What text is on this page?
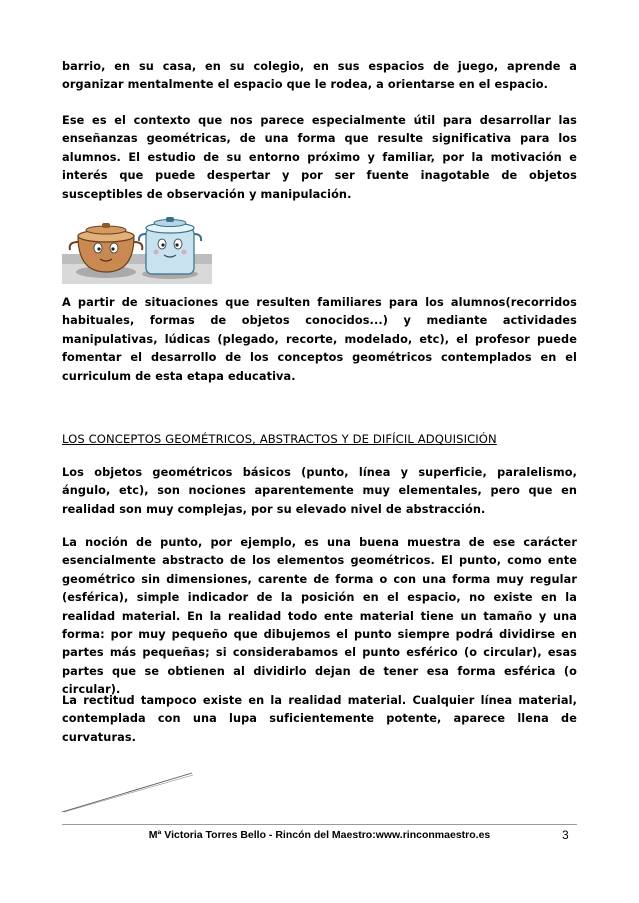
barrio, en su casa, en su colegio, en sus espacios de juego, aprende a organizar mentalmente el espacio que le rodea, a orientarse en el espacio.

Ese es el contexto que nos parece especialmente útil para desarrollar las enseñanzas geométricas, de una forma que resulte significativa para los alumnos. El estudio de su entorno próximo y familiar, por la motivación e interés que puede despertar y por ser fuente inagotable de objetos susceptibles de observación y manipulación.

A partir de situaciones que resulten familiares para los alumnos(recorridos habituales, formas de objetos conocidos...) y mediante actividades manipulativas, lúdicas (plegado, recorte, modelado, etc), el profesor puede fomentar el desarrollo de los conceptos geométricos contemplados en el curriculum de esta etapa educativa.

LOS CONCEPTOS GEOMÉTRICOS, ABSTRACTOS Y DE DIFÍCIL ADQUISICIÓN

Los objetos geométricos básicos (punto, línea y superficie, paralelismo, ángulo, etc), son nociones aparentemente muy elementales, pero que en realidad son muy complejas, por su elevado nivel de abstracción.

La noción de punto, por ejemplo, es una buena muestra de ese carácter esencialmente abstracto de los elementos geométricos. El punto, como ente geométrico sin dimensiones, carente de forma o con una forma muy regular (esférica), simple indicador de la posición en el espacio, no existe en la realidad material. En la realidad todo ente material tiene un tamaño y una forma: por muy pequeño que dibujemos el punto siempre podrá dividirse en partes más pequeñas; si considerabamos el punto esférico (o circular), esas partes que se obtienen al dividirlo dejan de tener esa forma esférica (o circular).

La rectitud tampoco existe en la realidad material. Cualquier línea material, contemplada con una lupa suficientemente potente, aparece llena de curvaturas.

Mª Victoria Torres Bello - Rincón del Maestro:www.rinconmaestro.es	3
